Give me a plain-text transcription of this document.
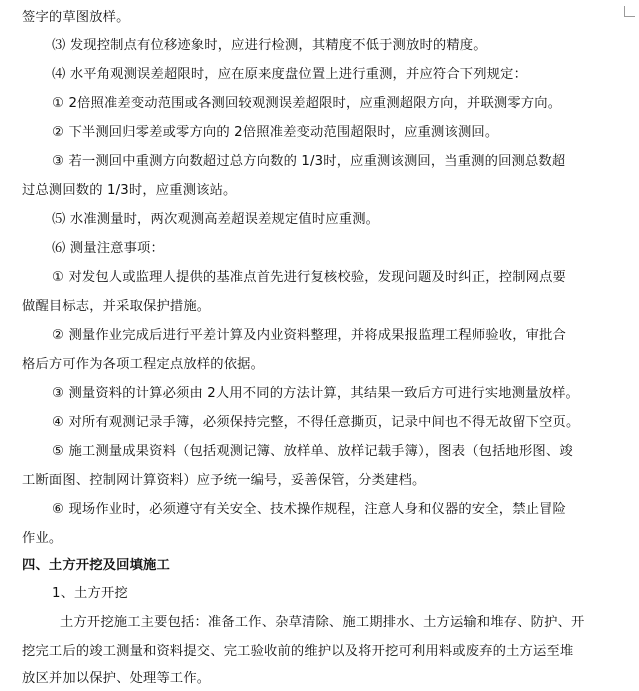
签字的草图放样。
⑶ 发现控制点有位移迹象时，应进行检测，其精度不低于测放时的精度。
⑷ 水平角观测误差超限时，应在原来度盘位置上进行重测，并应符合下列规定：
① 2倍照准差变动范围或各测回较观测误差超限时，应重测超限方向，并联测零方向。
② 下半测回归零差或零方向的 2倍照准差变动范围超限时，应重测该测回。
③ 若一测回中重测方向数超过总方向数的 1/3时，应重测该测回，当重测的回测总数超
过总测回数的 1/3时，应重测该站。
⑸ 水准测量时，两次观测高差超误差规定值时应重测。
⑹ 测量注意事项：
① 对发包人或监理人提供的基准点首先进行复核校验，发现问题及时纠正，控制网点要
做醒目标志，并采取保护措施。
② 测量作业完成后进行平差计算及内业资料整理，并将成果报监理工程师验收，审批合
格后方可作为各项工程定点放样的依据。
③ 测量资料的计算必须由 2人用不同的方法计算，其结果一致后方可进行实地测量放样。
④ 对所有观测记录手簿，必须保持完整，不得任意撕页，记录中间也不得无故留下空页。
⑤ 施工测量成果资料（包括观测记簿、放样单、放样记载手簿），图表（包括地形图、竣
工断面图、控制网计算资料）应予统一编号，妥善保管，分类建档。
⑥ 现场作业时，必须遵守有关安全、技术操作规程，注意人身和仪器的安全，禁止冒险
作业。
四、土方开挖及回填施工
1、土方开挖
土方开挖施工主要包括：准备工作、杂草清除、施工期排水、土方运输和堆存、防护、开
挖完工后的竣工测量和资料提交、完工验收前的维护以及将开挖可利用料或废弃的土方运至堆
放区并加以保护、处理等工作。
